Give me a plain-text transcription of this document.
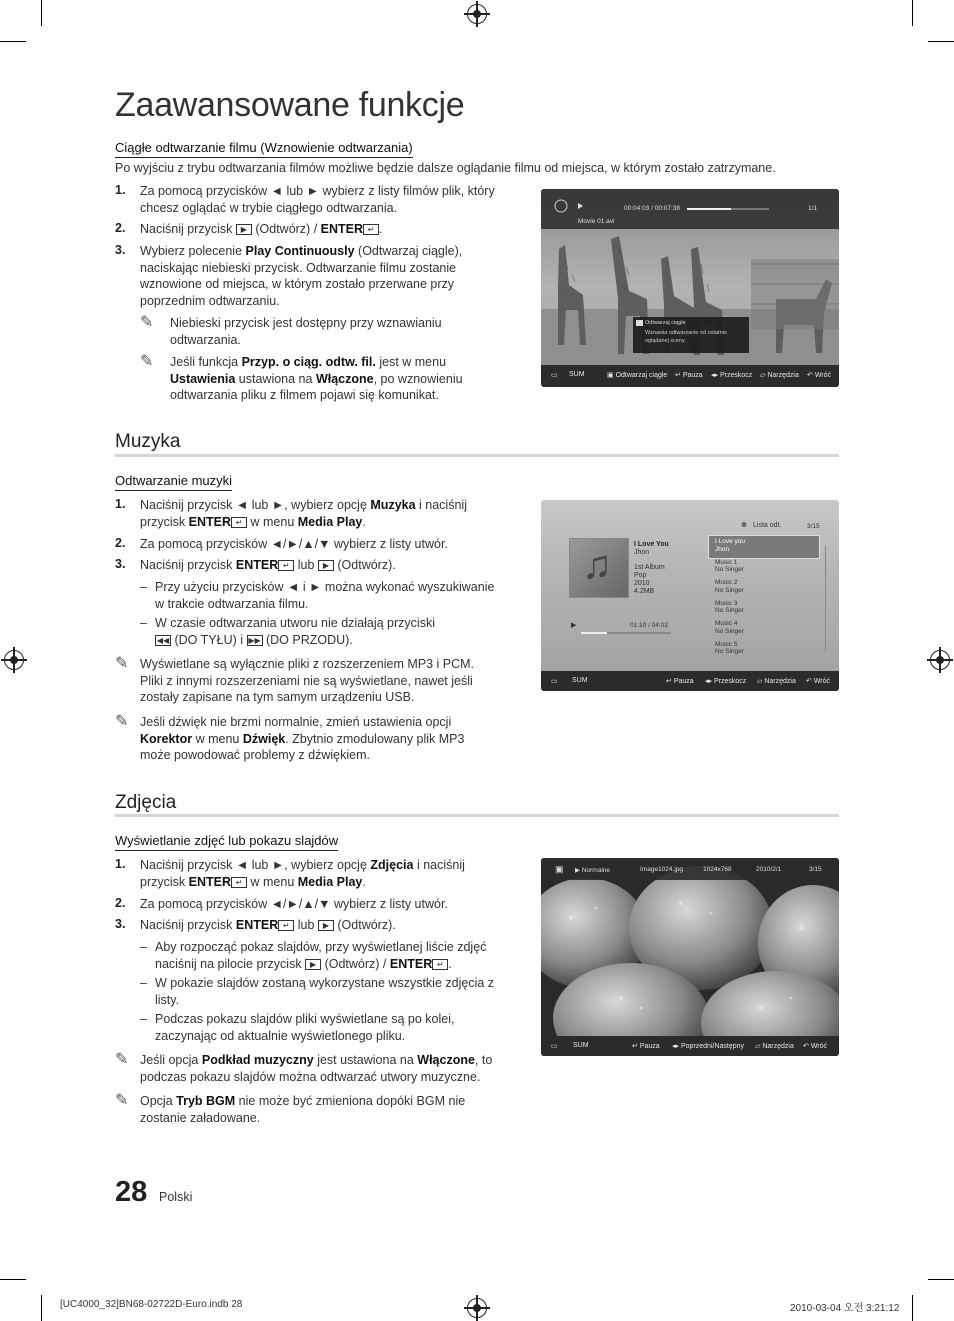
Zaawansowane funkcje
Ciągłe odtwarzanie filmu (Wznowienie odtwarzania)
Po wyjściu z trybu odtwarzania filmów możliwe będzie dalsze oglądanie filmu od miejsca, w którym zostało zatrzymane.
1. Za pomocą przycisków ◄ lub ► wybierz z listy filmów plik, który
chcesz oglądać w trybie ciągłego odtwarzania.
2. Naciśnij przycisk ▶ (Odtwórz) / ENTER ↵ .
3. Wybierz polecenie Play Continuously (Odtwarzaj ciągle),
naciskając niebieski przycisk. Odtwarzanie filmu zostanie
wznowione od miejsca, w którym zostało przerwane przy
poprzednim odtwarzaniu.
✎ Niebieski przycisk jest dostępny przy wznawianiu
odtwarzania.
✎ Jeśli funkcja Przyp. o ciąg. odtw. fil. jest w menu
Ustawienia ustawiona na Włączone, po wznowieniu
odtwarzania pliku z filmem pojawi się komunikat.
00:04:03 / 00:07:38	1/1
Movie 01.avi
Odtwarzaj ciągle
Wznawia odtwarzanie od ostatnio
oglądanej sceny.
▭ SUM	▣ Odtwarzaj ciągle ↵ Pauza ◂▸ Przeskocz ▱ Narzędzia ↶ Wróć
Muzyka
Odtwarzanie muzyki
1. Naciśnij przycisk ◄ lub ►, wybierz opcję Muzyka i naciśnij
przycisk ENTER ↵ w menu Media Play.
2. Za pomocą przycisków ◄/►/▲/▼ wybierz z listy utwór.
3. Naciśnij przycisk ENTER ↵ lub ▶ (Odtwórz).
– Przy użyciu przycisków ◄ i ► można wykonać wyszukiwanie
w trakcie odtwarzania filmu.
– W czasie odtwarzania utworu nie działają przyciski
◀◀ (DO TYŁU) i ▶▶ (DO PRZODU).
✎ Wyświetlane są wyłącznie pliki z rozszerzeniem MP3 i PCM.
Pliki z innymi rozszerzeniami nie są wyświetlane, nawet jeśli
zostały zapisane na tym samym urządzeniu USB.
✎ Jeśli dźwięk nie brzmi normalnie, zmień ustawienia opcji
Korektor w menu Dźwięk. Zbytnio zmodulowany plik MP3
może powodować problemy z dźwiękiem.
♫	I Love You
Jhon
1st Album
Pop
2010
4.2MB
▶	01:10 / 04:02
❁ Lista odt.	3/15
I Love you
Jhon
Music 1
No Singer
Music 2
No Singer
Music 3
No Singer
Music 4
No Singer
Music 5
No Singer
▭ SUM	↵ Pauza ◂▸ Przeskocz ▱ Narzędzia ↶ Wróć
Zdjęcia
Wyświetlanie zdjęć lub pokazu slajdów
1. Naciśnij przycisk ◄ lub ►, wybierz opcję Zdjęcia i naciśnij
przycisk ENTER ↵ w menu Media Play.
2. Za pomocą przycisków ◄/►/▲/▼ wybierz z listy utwór.
3. Naciśnij przycisk ENTER ↵ lub ▶ (Odtwórz).
– Aby rozpocząć pokaz slajdów, przy wyświetlanej liście zdjęć
naciśnij na pilocie przycisk ▶ (Odtwórz) / ENTER ↵ .
– W pokazie slajdów zostaną wykorzystane wszystkie zdjęcia z
listy.
– Podczas pokazu slajdów pliki wyświetlane są po kolei,
zaczynając od aktualnie wyświetlonego pliku.
✎ Jeśli opcja Podkład muzyczny jest ustawiona na Włączone, to
podczas pokazu slajdów można odtwarzać utwory muzyczne.
✎ Opcja Tryb BGM nie może być zmieniona dopóki BGM nie
zostanie załadowane.
▣ ▶ Normalne	Image1024.jpg	1024x768	2010/2/1	3/15
▭ SUM	↵ Pauza ◂▸ Poprzedni/Następny ▱ Narzędzia ↶ Wróć
28 Polski
[UC4000_32]BN68-02722D-Euro.indb 28	2010-03-04 오전 3:21:12
